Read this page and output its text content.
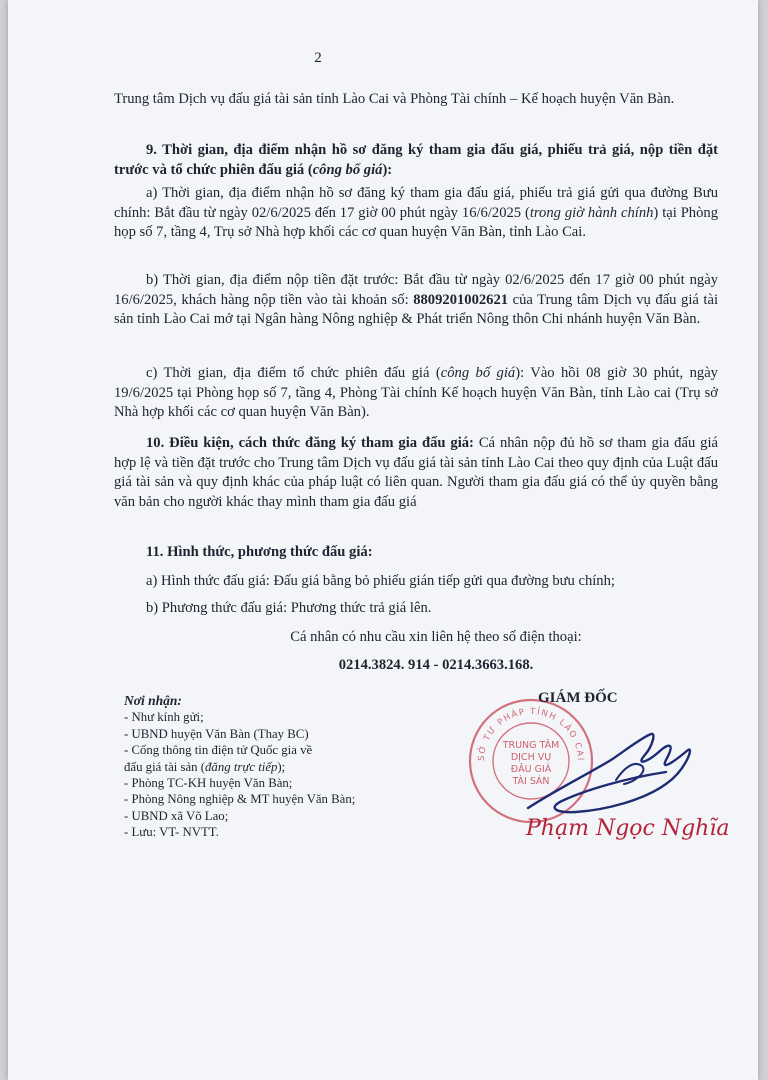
2
Trung tâm Dịch vụ đấu giá tài sản tỉnh Lào Cai và Phòng Tài chính – Kế hoạch huyện Văn Bàn.
9. Thời gian, địa điểm nhận hồ sơ đăng ký tham gia đấu giá, phiếu trả giá, nộp tiền đặt trước và tổ chức phiên đấu giá (công bố giá):
a) Thời gian, địa điểm nhận hồ sơ đăng ký tham gia đấu giá, phiếu trả giá gửi qua đường Bưu chính: Bắt đầu từ ngày 02/6/2025 đến 17 giờ 00 phút ngày 16/6/2025 (trong giờ hành chính) tại Phòng họp số 7, tầng 4, Trụ sở Nhà hợp khối các cơ quan huyện Văn Bàn, tỉnh Lào Cai.
b) Thời gian, địa điểm nộp tiền đặt trước: Bắt đầu từ ngày 02/6/2025 đến 17 giờ 00 phút ngày 16/6/2025, khách hàng nộp tiền vào tài khoản số: 8809201002621 của Trung tâm Dịch vụ đấu giá tài sản tỉnh Lào Cai mở tại Ngân hàng Nông nghiệp & Phát triển Nông thôn Chi nhánh huyện Văn Bàn.
c) Thời gian, địa điểm tổ chức phiên đấu giá (công bố giá): Vào hồi 08 giờ 30 phút, ngày 19/6/2025 tại Phòng họp số 7, tầng 4, Phòng Tài chính Kế hoạch huyện Văn Bàn, tỉnh Lào cai (Trụ sở Nhà hợp khối các cơ quan huyện Văn Bàn).
10. Điều kiện, cách thức đăng ký tham gia đấu giá: Cá nhân nộp đủ hồ sơ tham gia đấu giá hợp lệ và tiền đặt trước cho Trung tâm Dịch vụ đấu giá tài sản tỉnh Lào Cai theo quy định của Luật đấu giá tài sản và quy định khác của pháp luật có liên quan. Người tham gia đấu giá có thể ủy quyền bằng văn bản cho người khác thay mình tham gia đấu giá
11. Hình thức, phương thức đấu giá:
a) Hình thức đấu giá: Đấu giá bằng bỏ phiếu gián tiếp gửi qua đường bưu chính;
b) Phương thức đấu giá: Phương thức trả giá lên.
Cá nhân có nhu cầu xin liên hệ theo số điện thoại:
0214.3824. 914 - 0214.3663.168.
Nơi nhận:
- Như kính gửi;
- UBND huyện Văn Bàn (Thay BC)
- Cổng thông tin điện tử Quốc gia về
đấu giá tài sản (đăng trực tiếp);
- Phòng TC-KH huyện Văn Bàn;
- Phòng Nông nghiệp & MT huyện Văn Bàn;
- UBND xã Võ Lao;
- Lưu: VT- NVTT.
SỞ TƯ PHÁP TỈNH LÀO CAI
TRUNG TÂM
DỊCH VỤ
ĐẤU GIÁ
TÀI SẢN
GIÁM ĐỐC
Phạm Ngọc Nghĩa
